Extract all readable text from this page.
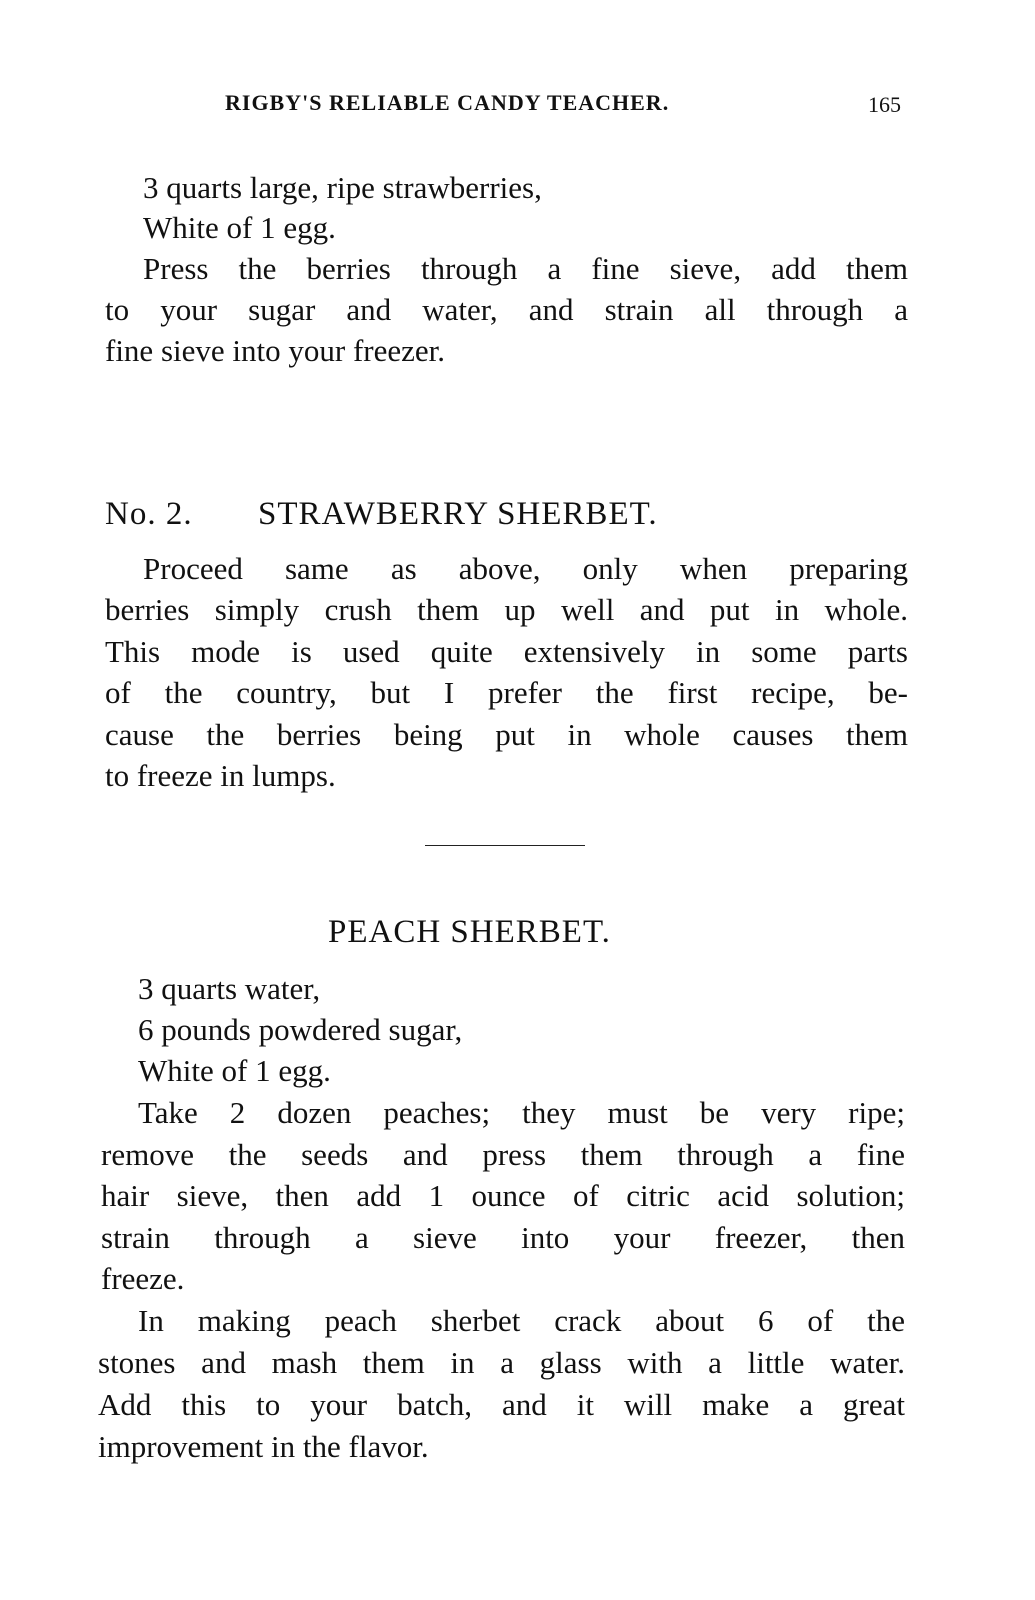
RIGBY'S RELIABLE CANDY TEACHER.	165
3 quarts large, ripe strawberries,
White of 1 egg.
Press the berries through a fine sieve, add them
to your sugar and water, and strain all through a
fine sieve into your freezer.
No. 2. STRAWBERRY SHERBET.
Proceed same as above, only when preparing
berries simply crush them up well and put in whole.
This mode is used quite extensively in some parts
of the country, but I prefer the first recipe, be-
cause the berries being put in whole causes them
to freeze in lumps.
PEACH SHERBET.
3 quarts water,
6 pounds powdered sugar,
White of 1 egg.
Take 2 dozen peaches; they must be very ripe;
remove the seeds and press them through a fine
hair sieve, then add 1 ounce of citric acid solution;
strain through a sieve into your freezer, then
freeze.
In making peach sherbet crack about 6 of the
stones and mash them in a glass with a little water.
Add this to your batch, and it will make a great
improvement in the flavor.
